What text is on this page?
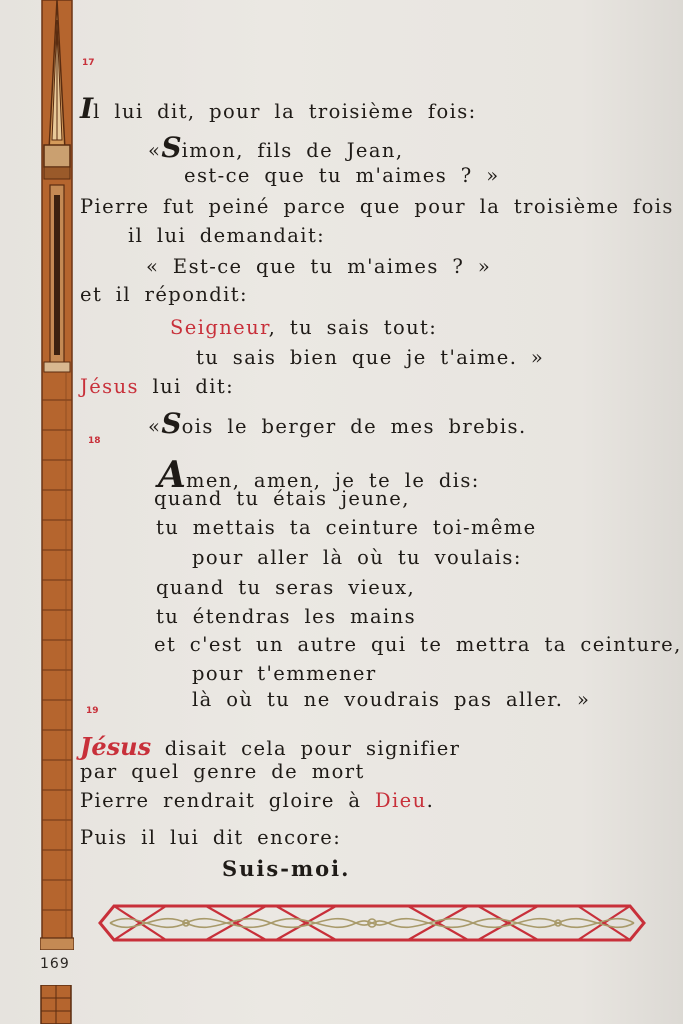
17
18
19
Il lui dit, pour la troisième fois:
«Simon, fils de Jean,
est-ce que tu m'aimes ? »
Pierre fut peiné parce que pour la troisième fois
il lui demandait:
« Est-ce que tu m'aimes ? »
et il répondit:
Seigneur, tu sais tout:
tu sais bien que je t'aime. »
Jésus lui dit:
«Sois le berger de mes brebis.
Amen, amen, je te le dis:
quand tu étais jeune,
tu mettais ta ceinture toi-même
pour aller là où tu voulais:
quand tu seras vieux,
tu étendras les mains
et c'est un autre qui te mettra ta ceinture,
pour t'emmener
là où tu ne voudrais pas aller. »
Jésus disait cela pour signifier
par quel genre de mort
Pierre rendrait gloire à Dieu.
Puis il lui dit encore:
Suis-moi.
169
